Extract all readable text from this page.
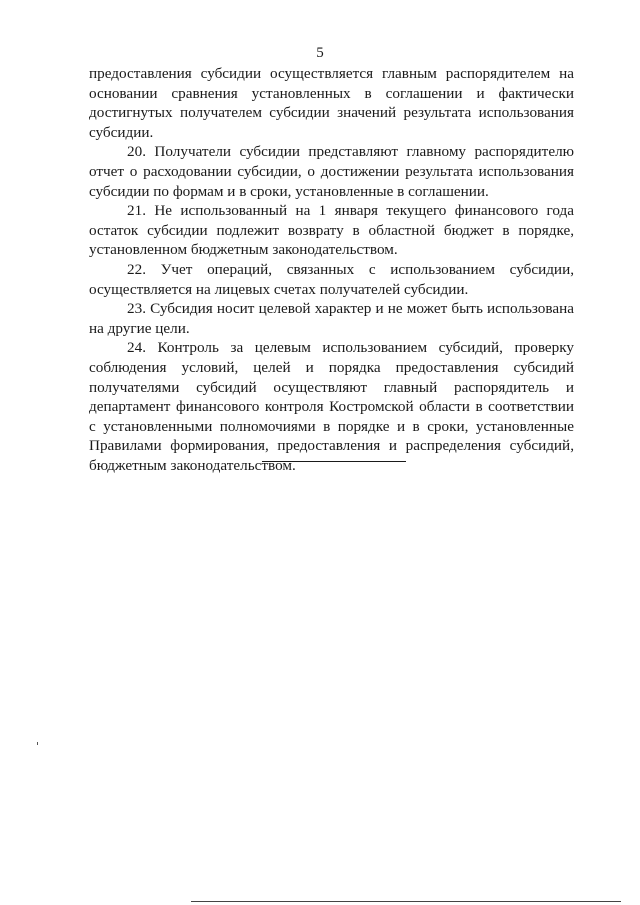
5

предоставления субсидии осуществляется главным распорядителем на основании сравнения установленных в соглашении и фактически достигнутых получателем субсидии значений результата использования субсидии.

20. Получатели субсидии представляют главному распорядителю отчет о расходовании субсидии, о достижении результата использования субсидии по формам и в сроки, установленные в соглашении.

21. Не использованный на 1 января текущего финансового года остаток субсидии подлежит возврату в областной бюджет в порядке, установленном бюджетным законодательством.

22. Учет операций, связанных с использованием субсидии, осуществляется на лицевых счетах получателей субсидии.

23. Субсидия носит целевой характер и не может быть использована на другие цели.

24. Контроль за целевым использованием субсидий, проверку соблюдения условий, целей и порядка предоставления субсидий получателями субсидий осуществляют главный распорядитель и департамент финансового контроля Костромской области в соответствии с установленными полномочиями в порядке и в сроки, установленные Правилами формирования, предоставления и распределения субсидий, бюджетным законодательством.
